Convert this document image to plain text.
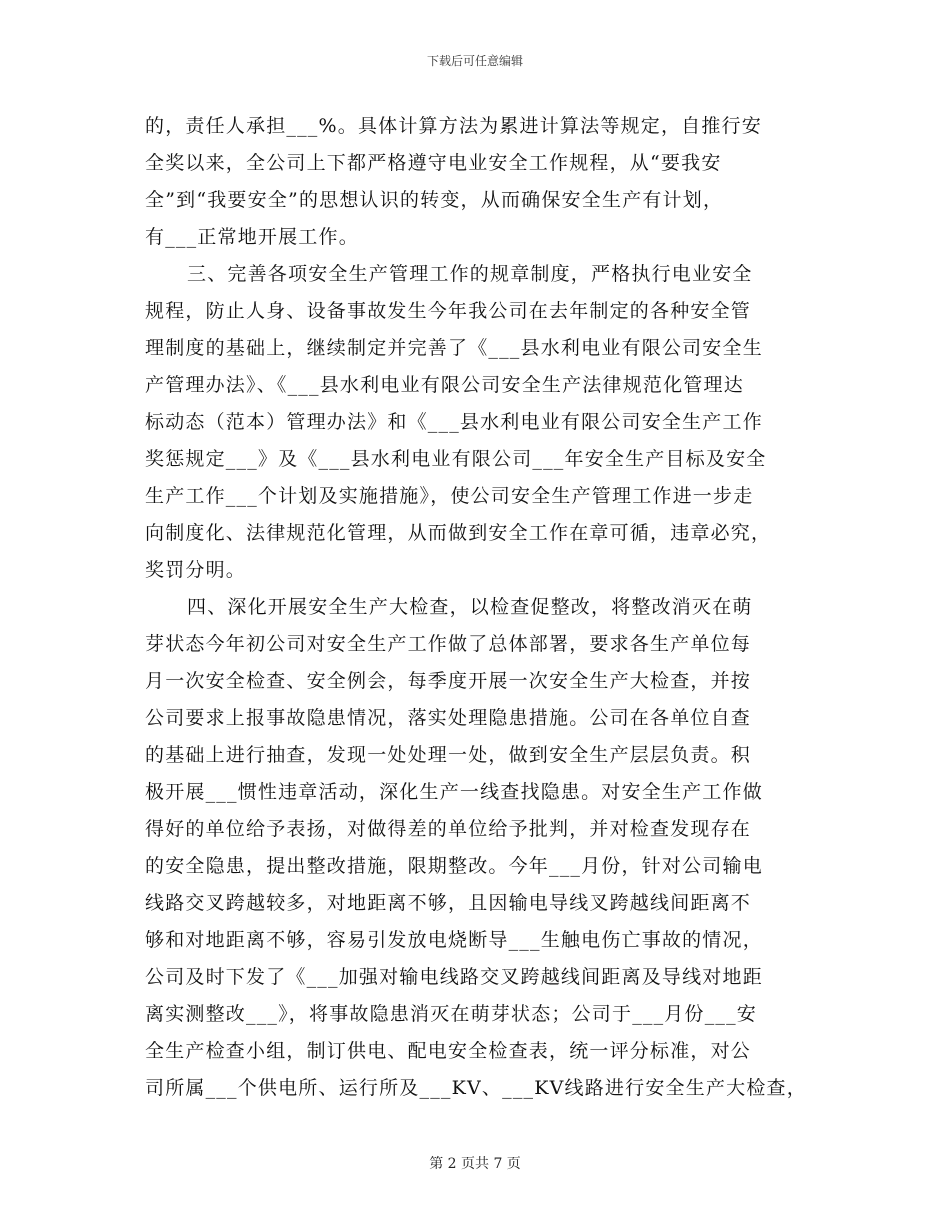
下载后可任意编辑
的，责任人承担___%。具体计算方法为累进计算法等规定，自推行安
全奖以来，全公司上下都严格遵守电业安全工作规程，从“要我安
全”到“我要安全”的思想认识的转变，从而确保安全生产有计划，
有___正常地开展工作。
三、完善各项安全生产管理工作的规章制度，严格执行电业安全
规程，防止人身、设备事故发生今年我公司在去年制定的各种安全管
理制度的基础上，继续制定并完善了《___县水利电业有限公司安全生
产管理办法》、《___县水利电业有限公司安全生产法律规范化管理达
标动态（范本）管理办法》和《___县水利电业有限公司安全生产工作
奖惩规定___》及《___县水利电业有限公司___年安全生产目标及安全
生产工作___个计划及实施措施》，使公司安全生产管理工作进一步走
向制度化、法律规范化管理，从而做到安全工作在章可循，违章必究，
奖罚分明。
四、深化开展安全生产大检查，以检查促整改，将整改消灭在萌
芽状态今年初公司对安全生产工作做了总体部署，要求各生产单位每
月一次安全检查、安全例会，每季度开展一次安全生产大检查，并按
公司要求上报事故隐患情况，落实处理隐患措施。公司在各单位自查
的基础上进行抽查，发现一处处理一处，做到安全生产层层负责。积
极开展___惯性违章活动，深化生产一线查找隐患。对安全生产工作做
得好的单位给予表扬，对做得差的单位给予批判，并对检查发现存在
的安全隐患，提出整改措施，限期整改。今年___月份，针对公司输电
线路交叉跨越较多，对地距离不够，且因输电导线叉跨越线间距离不
够和对地距离不够，容易引发放电烧断导___生触电伤亡事故的情况，
公司及时下发了《___加强对输电线路交叉跨越线间距离及导线对地距
离实测整改___》，将事故隐患消灭在萌芽状态；公司于___月份___安
全生产检查小组，制订供电、配电安全检查表，统一评分标准，对公
司所属___个供电所、运行所及___KV、___KV线路进行安全生产大检查，
第 2 页共 7 页
